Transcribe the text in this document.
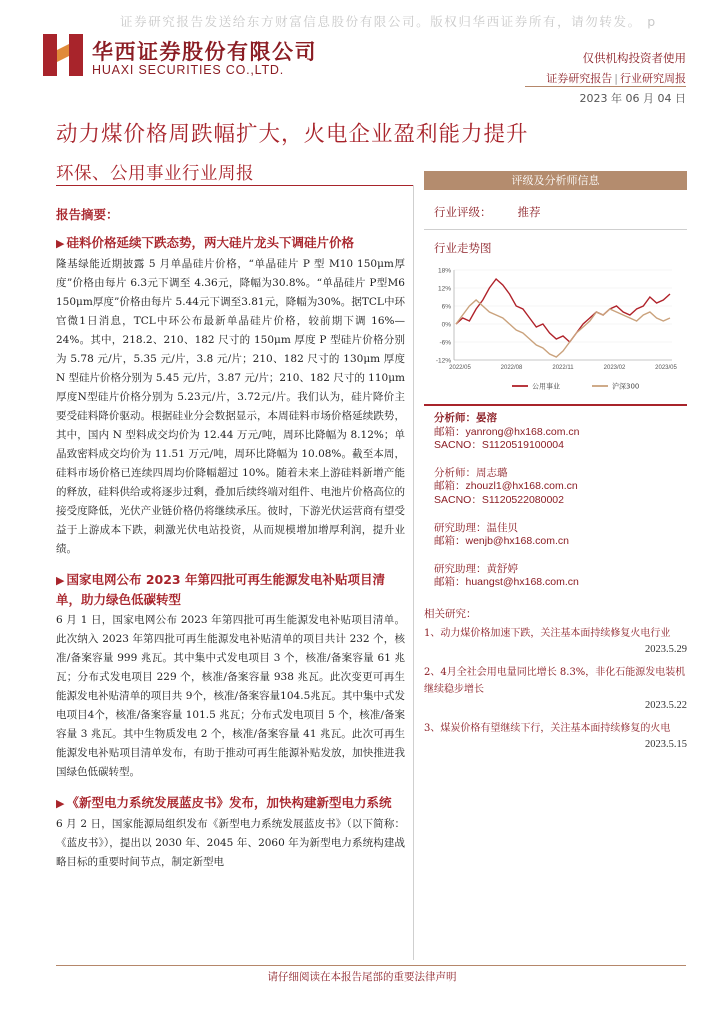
证券研究报告发送给东方财富信息股份有限公司。版权归华西证券所有，请勿转发。 p
华西证券股份有限公司
HUAXI SECURITIES CO.,LTD.
仅供机构投资者使用
证券研究报告 | 行业研究周报
2023 年 06 月 04 日
动力煤价格周跌幅扩大，火电企业盈利能力提升
环保、公用事业行业周报
报告摘要：
▶ 硅料价格延续下跌态势，两大硅片龙头下调硅片价格
隆基绿能近期披露 5 月单晶硅片价格，“单晶硅片 P 型 M10 150μm厚度”价格由每片 6.3元下调至 4.36元，降幅为30.8%。“单晶硅片 P型M6 150μm厚度”价格由每片 5.44元下调至3.81元，降幅为30%。据TCL中环官微1日消息，TCL中环公布最新单晶硅片价格，较前期下调 16%—24%。其中，218.2、210、182 尺寸的 150μm 厚度 P 型硅片价格分别为 5.78 元/片，5.35 元/片，3.8 元/片；210、182 尺寸的 130μm 厚度N 型硅片价格分别为 5.45 元/片，3.87 元/片；210、182 尺寸的 110μm 厚度N型硅片价格分别为 5.23元/片，3.72元/片。我们认为，硅片降价主要受硅料降价驱动。根据硅业分会数据显示，本周硅料市场价格延续跌势，其中，国内 N 型料成交均价为 12.44 万元/吨，周环比降幅为 8.12%；单晶致密料成交均价为 11.51 万元/吨，周环比降幅为 10.08%。截至本周，硅料市场价格已连续四周均价降幅超过 10%。随着未来上游硅料新增产能的释放，硅料供给或将逐步过剩，叠加后续终端对组件、电池片价格高位的接受度降低，光伏产业链价格仍将继续承压。彼时，下游光伏运营商有望受益于上游成本下跌，刺激光伏电站投资，从而规模增加增厚利润，提升业绩。
▶ 国家电网公布 2023 年第四批可再生能源发电补贴项目清单，助力绿色低碳转型
6 月 1 日，国家电网公布 2023 年第四批可再生能源发电补贴项目清单。此次纳入 2023 年第四批可再生能源发电补贴清单的项目共计 232 个，核准/备案容量 999 兆瓦。其中集中式发电项目 3 个，核准/备案容量 61 兆瓦；分布式发电项目 229 个，核准/备案容量 938 兆瓦。此次变更可再生能源发电补贴清单的项目共 9个，核准/备案容量104.5兆瓦。其中集中式发电项目4个，核准/备案容量 101.5 兆瓦；分布式发电项目 5 个，核准/备案容量 3 兆瓦。其中生物质发电 2 个，核准/备案容量 41 兆瓦。此次可再生能源发电补贴项目清单发布，有助于推动可再生能源补贴发放，加快推进我国绿色低碳转型。
▶ 《新型电力系统发展蓝皮书》发布，加快构建新型电力系统
6 月 2 日，国家能源局组织发布《新型电力系统发展蓝皮书》（以下简称：《蓝皮书》），提出以 2030 年、2045 年、2060 年为新型电力系统构建战略目标的重要时间节点，制定新型电
评级及分析师信息
行业评级： 推荐
行业走势图
18%
12%
6%
0%
-6%
-12%
2022/05	2022/08	2022/11	2023/02	2023/05
公用事业	沪深300
分析师：晏溶
邮箱：yanrong@hx168.com.cn
SACNO：S1120519100004
分析师：周志璐
邮箱：zhouzl1@hx168.com.cn
SACNO：S1120522080002
研究助理：温佳贝
邮箱：wenjb@hx168.com.cn
研究助理：黄舒婷
邮箱：huangst@hx168.com.cn
相关研究：
1、动力煤价格加速下跌，关注基本面持续修复火电行业
2023.5.29
2、4月全社会用电量同比增长 8.3%，非化石能源发电装机继续稳步增长
2023.5.22
3、煤炭价格有望继续下行，关注基本面持续修复的火电
2023.5.15
请仔细阅读在本报告尾部的重要法律声明
